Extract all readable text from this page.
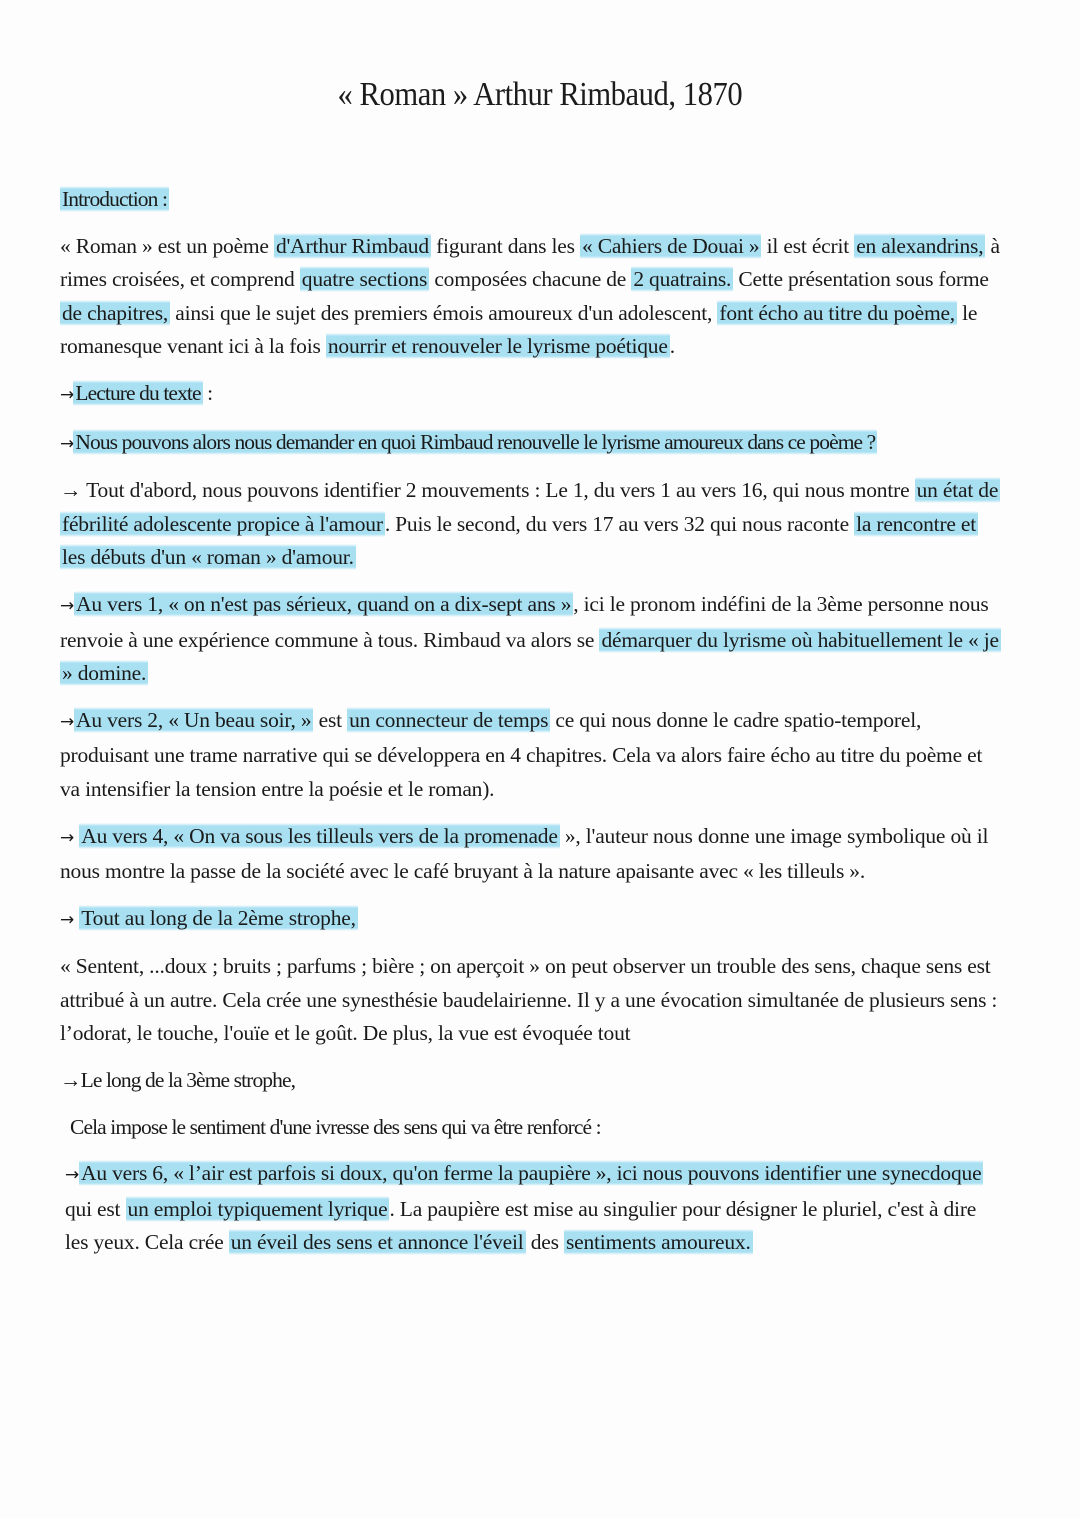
« Roman » Arthur Rimbaud, 1870
Introduction :

« Roman » est un poème d'Arthur Rimbaud figurant dans les « Cahiers de Douai » il est écrit en alexandrins, à rimes croisées, et comprend quatre sections composées chacune de 2 quatrains. Cette présentation sous forme de chapitres, ainsi que le sujet des premiers émois amoureux d'un adolescent, font écho au titre du poème, le romanesque venant ici à la fois nourrir et renouveler le lyrisme poétique.

→Lecture du texte :

→Nous pouvons alors nous demander en quoi Rimbaud renouvelle le lyrisme amoureux dans ce poème ?

→ Tout d'abord, nous pouvons identifier 2 mouvements : Le 1, du vers 1 au vers 16, qui nous montre un état de fébrilité adolescente propice à l'amour. Puis le second, du vers 17 au vers 32 qui nous raconte la rencontre et les débuts d'un « roman » d'amour.

→Au vers 1, « on n'est pas sérieux, quand on a dix-sept ans », ici le pronom indéfini de la 3ème personne nous renvoie à une expérience commune à tous. Rimbaud va alors se démarquer du lyrisme où habituellement le « je » domine.

→Au vers 2, « Un beau soir, » est un connecteur de temps ce qui nous donne le cadre spatio-temporel, produisant une trame narrative qui se développera en 4 chapitres. Cela va alors faire écho au titre du poème et va intensifier la tension entre la poésie et le roman).

→ Au vers 4, « On va sous les tilleuls vers de la promenade », l'auteur nous donne une image symbolique où il nous montre la passe de la société avec le café bruyant à la nature apaisante avec « les tilleuls ».

→ Tout au long de la 2ème strophe,

« Sentent, ...doux ; bruits ; parfums ; bière ; on aperçoit » on peut observer un trouble des sens, chaque sens est attribué à un autre. Cela crée une synesthésie baudelairienne. Il y a une évocation simultanée de plusieurs sens : l’odorat, le touche, l'ouïe et le goût. De plus, la vue est évoquée tout

→Le long de la 3ème strophe,

Cela impose le sentiment d'une ivresse des sens qui va être renforcé :

→Au vers 6, « l’air est parfois si doux, qu'on ferme la paupière », ici nous pouvons identifier une synecdoque qui est un emploi typiquement lyrique. La paupière est mise au singulier pour désigner le pluriel, c'est à dire les yeux. Cela crée un éveil des sens et annonce l'éveil des sentiments amoureux.
